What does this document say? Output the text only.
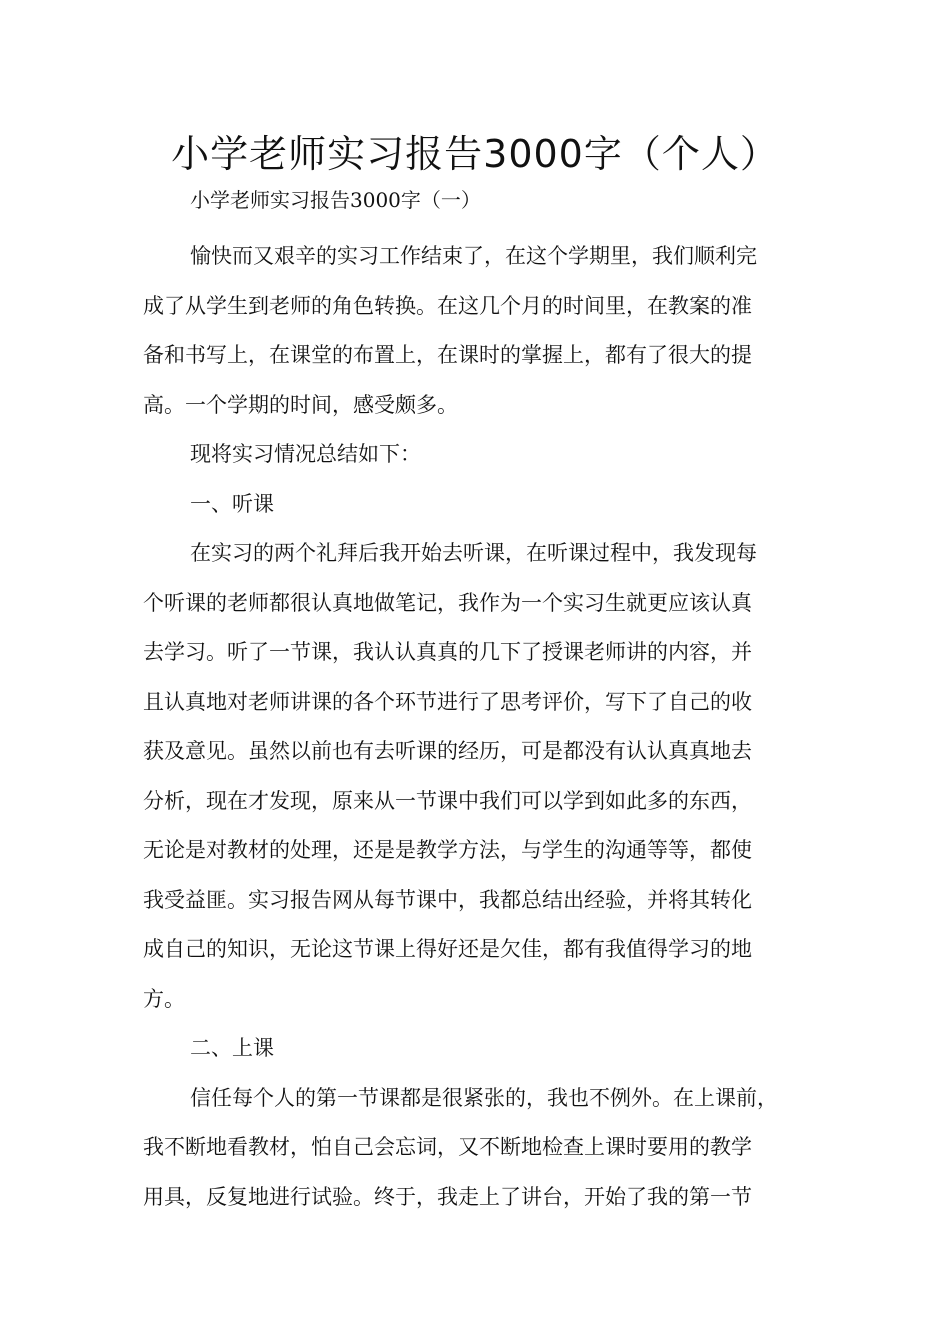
小学老师实习报告3000字（个人）

小学老师实习报告3000字（一）

愉快而又艰辛的实习工作结束了，在这个学期里，我们顺利完
成了从学生到老师的角色转换。在这几个月的时间里，在教案的准
备和书写上，在课堂的布置上，在课时的掌握上，都有了很大的提
高。一个学期的时间，感受颇多。
现将实习情况总结如下：
一、听课
在实习的两个礼拜后我开始去听课，在听课过程中，我发现每
个听课的老师都很认真地做笔记，我作为一个实习生就更应该认真
去学习。听了一节课，我认认真真的几下了授课老师讲的内容，并
且认真地对老师讲课的各个环节进行了思考评价，写下了自己的收
获及意见。虽然以前也有去听课的经历，可是都没有认认真真地去
分析，现在才发现，原来从一节课中我们可以学到如此多的东西，
无论是对教材的处理，还是是教学方法，与学生的沟通等等，都使
我受益匪。实习报告网从每节课中，我都总结出经验，并将其转化
成自己的知识，无论这节课上得好还是欠佳，都有我值得学习的地
方。
二、上课
信任每个人的第一节课都是很紧张的，我也不例外。在上课前，
我不断地看教材，怕自己会忘词，又不断地检查上课时要用的教学
用具，反复地进行试验。终于，我走上了讲台，开始了我的第一节
